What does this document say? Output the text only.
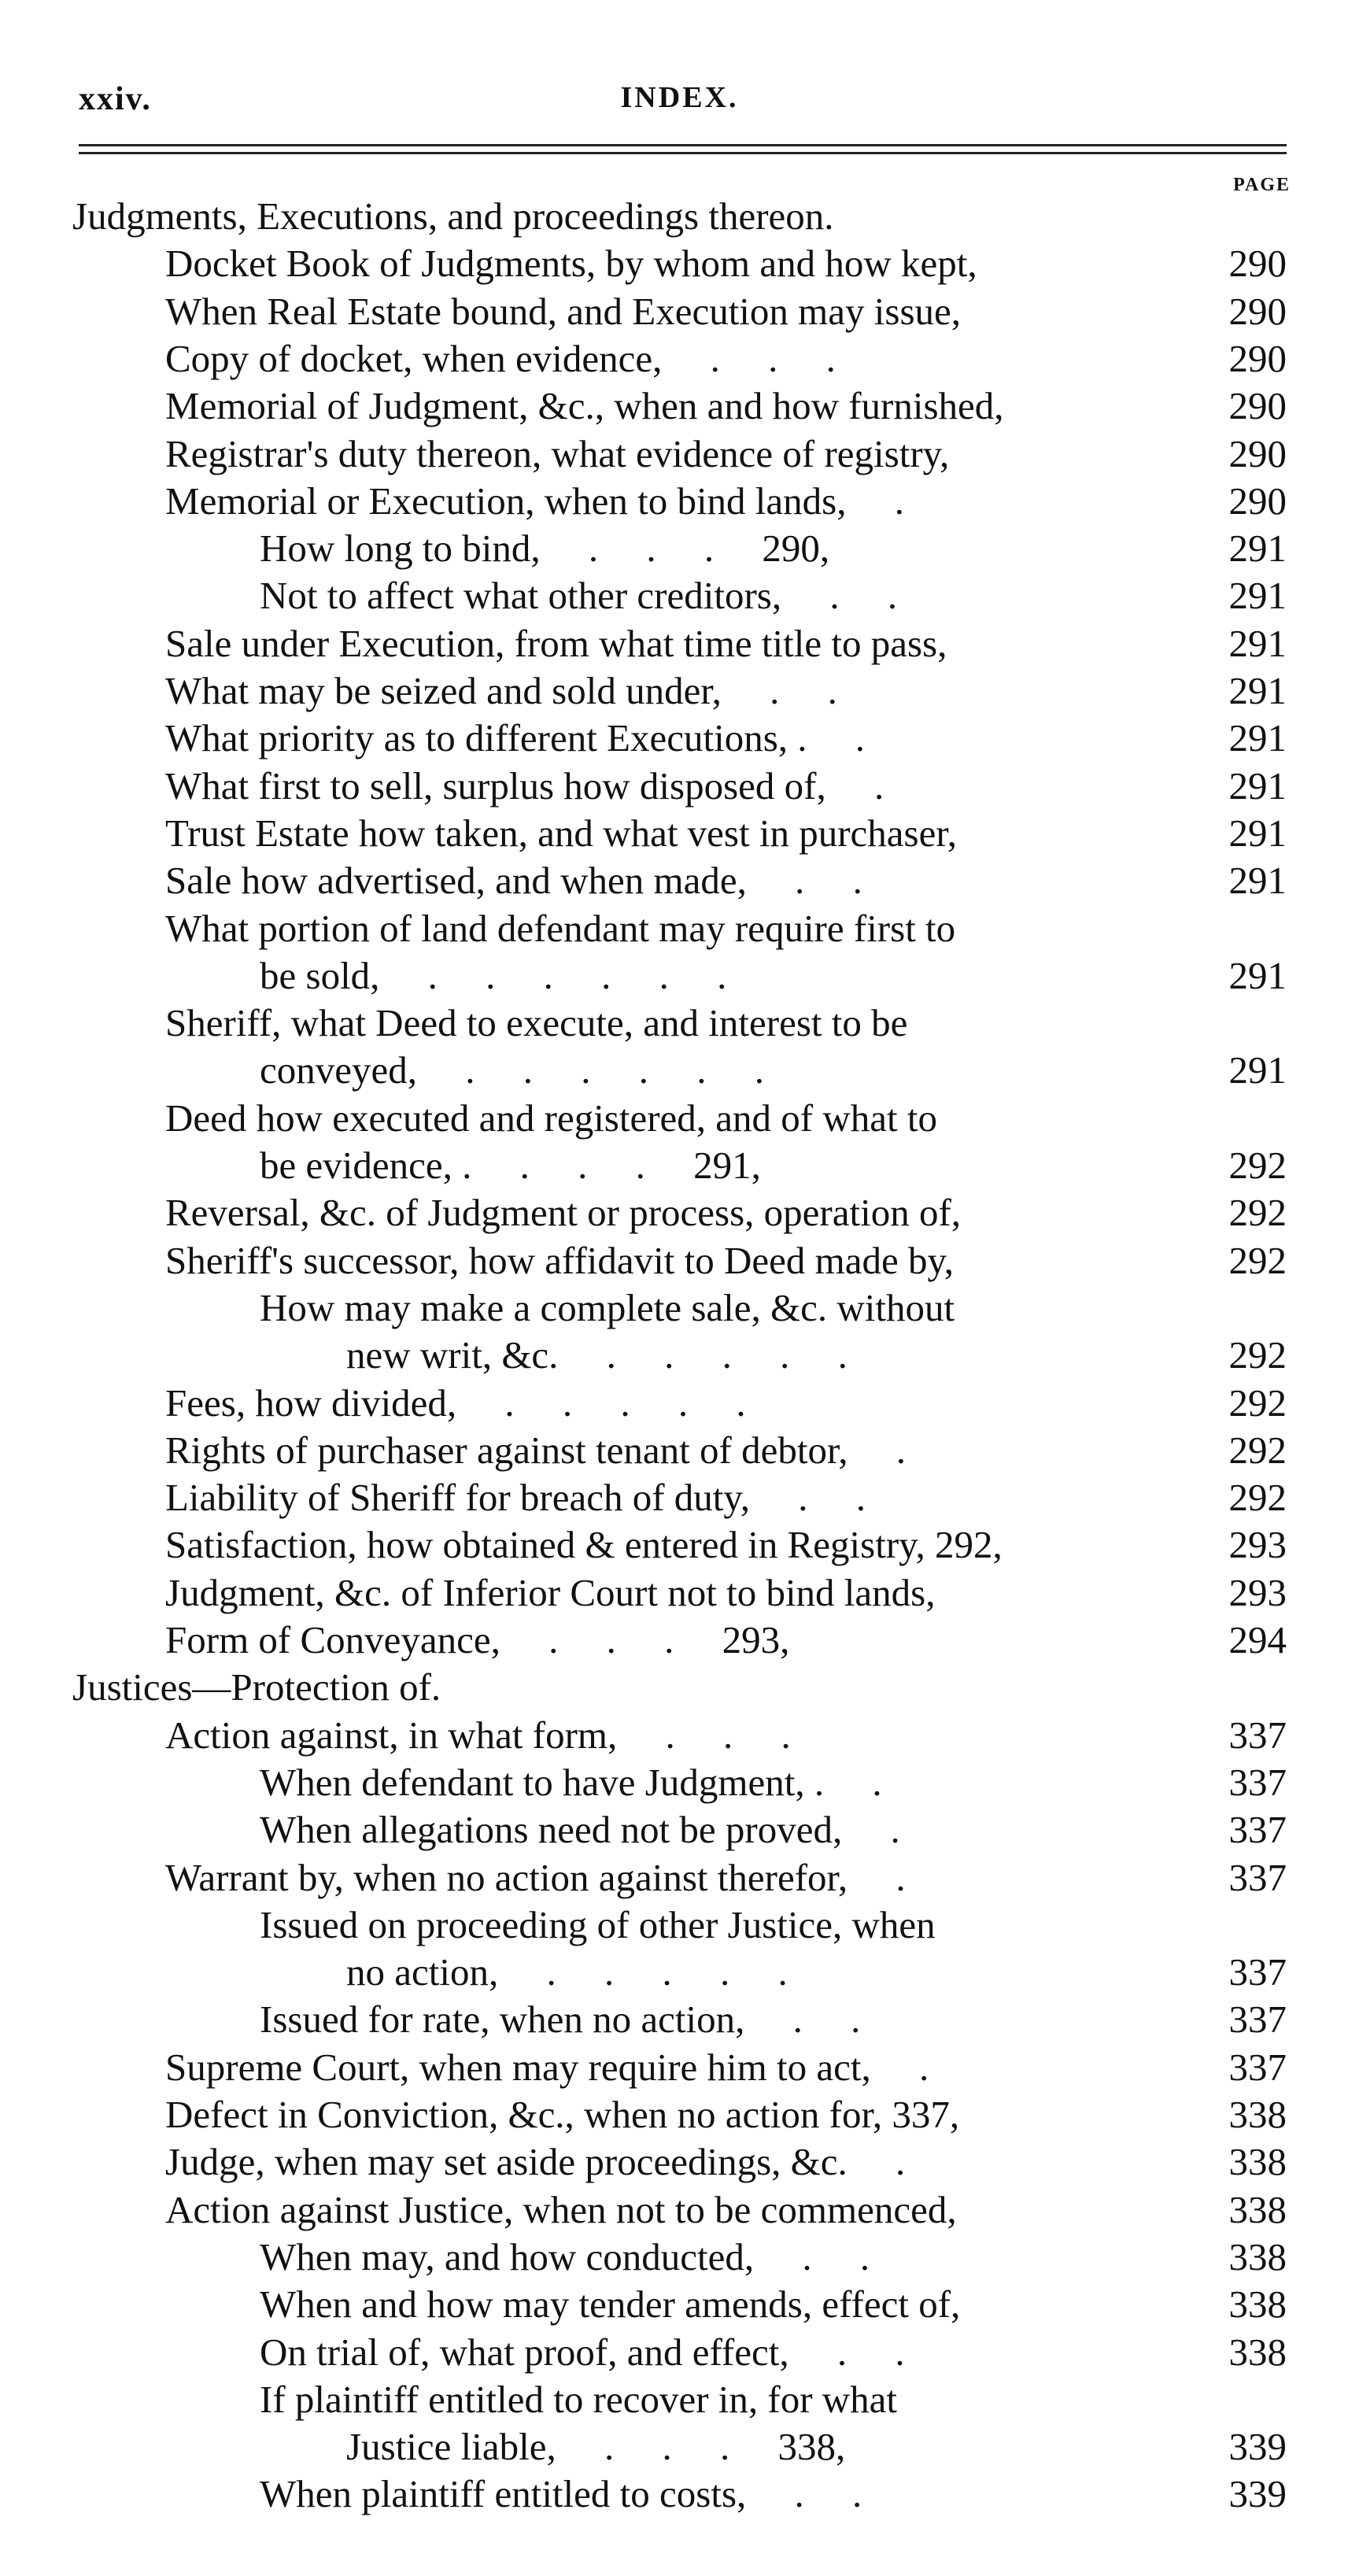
xxiv.	INDEX.
PAGE
Judgments, Executions, and proceedings thereon.
Docket Book of Judgments, by whom and how kept,	290
When Real Estate bound, and Execution may issue,	290
Copy of docket, when evidence,     .     .     .	290
Memorial of Judgment, &c., when and how furnished,	290
Registrar's duty thereon, what evidence of registry,	290
Memorial or Execution, when to bind lands,     .	290
How long to bind,     .     .     .     290,	291
Not to affect what other creditors,     .     .	291
Sale under Execution, from what time title to pass,	291
What may be seized and sold under,     .     .	291
What priority as to different Executions, .     .	291
What first to sell, surplus how disposed of,     .	291
Trust Estate how taken, and what vest in purchaser,	291
Sale how advertised, and when made,     .     .	291
What portion of land defendant may require first to
be sold,     .     .     .     .     .     .	291
Sheriff, what Deed to execute, and interest to be
conveyed,     .     .     .     .     .     .	291
Deed how executed and registered, and of what to
be evidence, .     .     .     .     291,	292
Reversal, &c. of Judgment or process, operation of,	292
Sheriff's successor, how affidavit to Deed made by,	292
How may make a complete sale, &c. without
new writ, &c.     .     .     .     .     .	292
Fees, how divided,     .     .     .     .     .	292
Rights of purchaser against tenant of debtor,     .	292
Liability of Sheriff for breach of duty,     .     .	292
Satisfaction, how obtained & entered in Registry, 292,	293
Judgment, &c. of Inferior Court not to bind lands,	293
Form of Conveyance,     .     .     .     293,	294
Justices—Protection of.
Action against, in what form,     .     .     .	337
When defendant to have Judgment, .     .	337
When allegations need not be proved,     .	337
Warrant by, when no action against therefor,     .	337
Issued on proceeding of other Justice, when
no action,     .     .     .     .     .	337
Issued for rate, when no action,     .     .	337
Supreme Court, when may require him to act,     .	337
Defect in Conviction, &c., when no action for, 337,	338
Judge, when may set aside proceedings, &c.     .	338
Action against Justice, when not to be commenced,	338
When may, and how conducted,     .     .	338
When and how may tender amends, effect of,	338
On trial of, what proof, and effect,     .     .	338
If plaintiff entitled to recover in, for what
Justice liable,     .     .     .     338,	339
When plaintiff entitled to costs,     .     .	339
